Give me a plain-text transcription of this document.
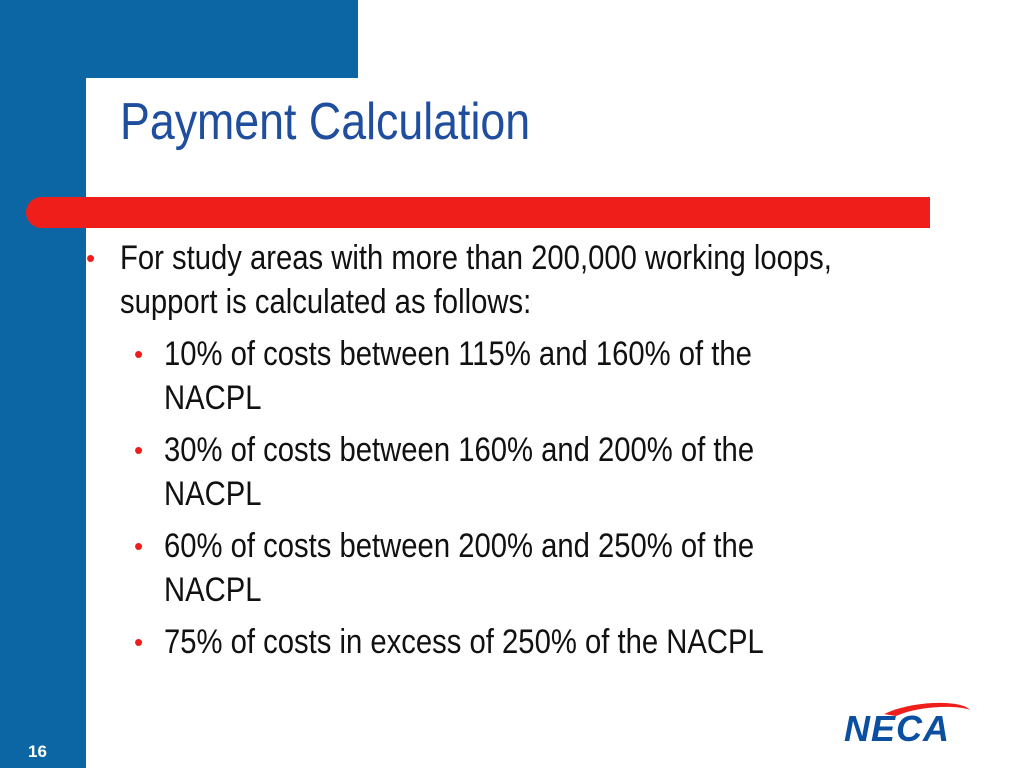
Payment Calculation
• For study areas with more than 200,000 working loops,
support is calculated as follows:
• 10% of costs between 115% and 160% of the
NACPL
• 30% of costs between 160% and 200% of the
NACPL
• 60% of costs between 200% and 250% of the
NACPL
• 75% of costs in excess of 250% of the NACPL
16
NECA
